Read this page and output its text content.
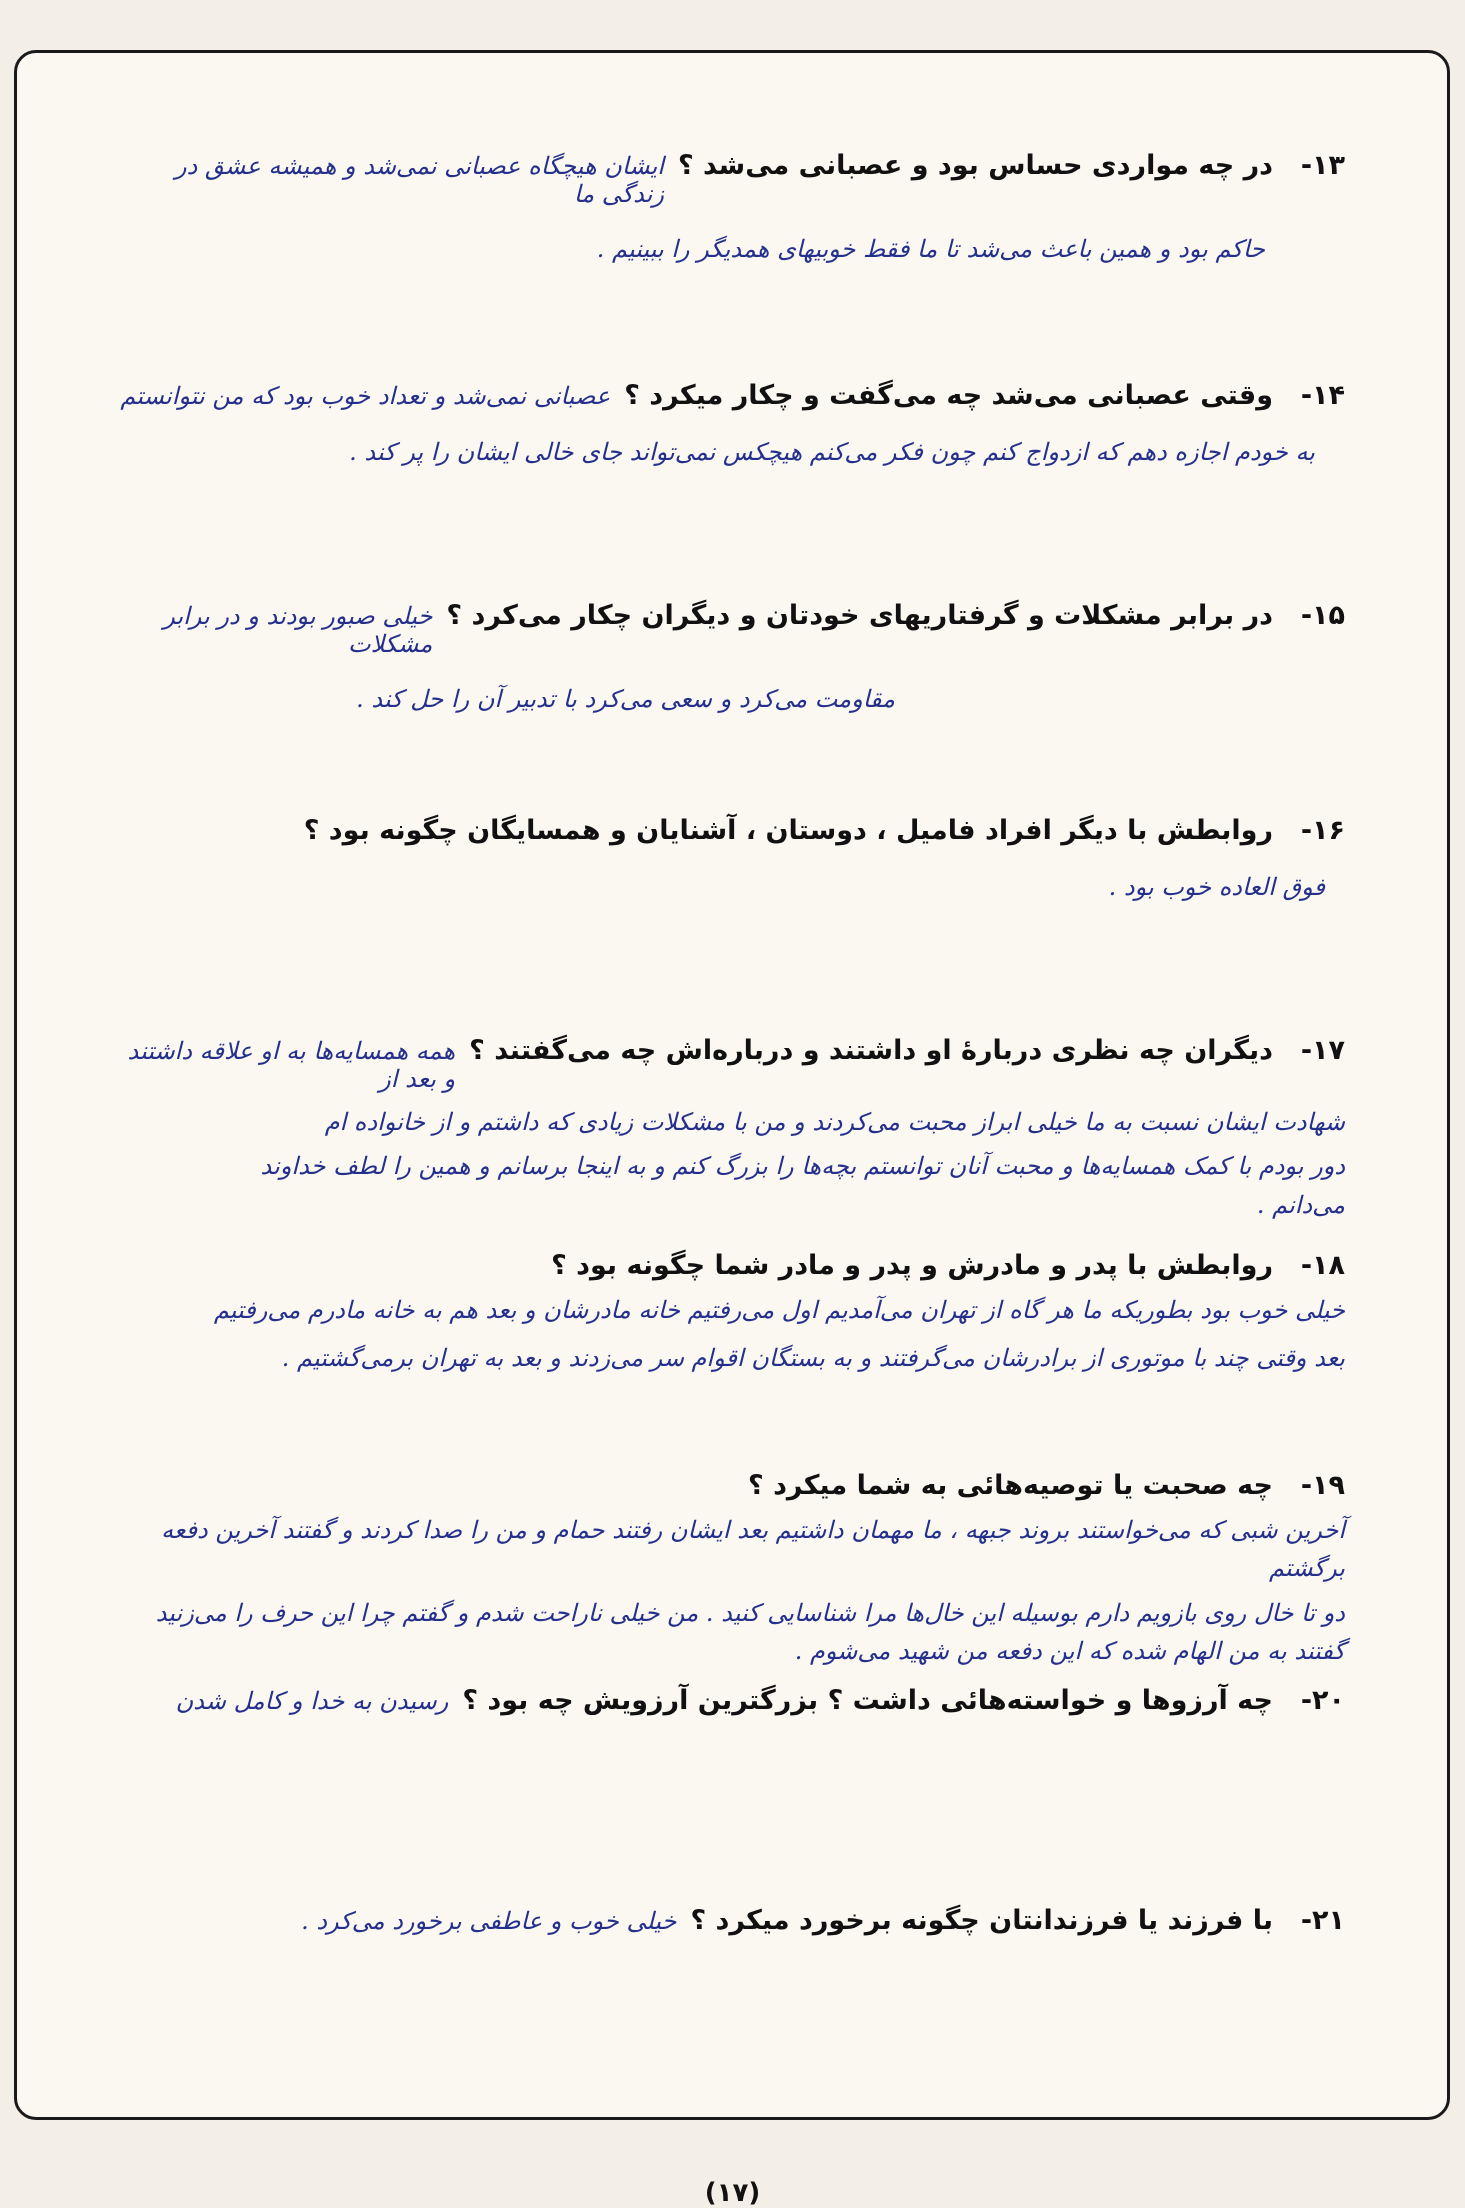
۱۳-
در چه مواردی حساس بود و عصبانی می‌شد ؟
ایشان هیچگاه عصبانی نمی‌شد و همیشه عشق در زندگی ما
حاکم بود و همین باعث می‌شد تا ما فقط خوبیهای همدیگر را ببینیم .
۱۴-
وقتی عصبانی می‌شد چه می‌گفت و چکار میکرد ؟
عصبانی نمی‌شد و تعداد خوب بود که من نتوانستم
به خودم اجازه دهم که ازدواج کنم چون فکر می‌کنم هیچکس نمی‌تواند جای خالی ایشان را پر کند .
۱۵-
در برابر مشکلات و گرفتاریهای خودتان و دیگران چکار می‌کرد ؟
خیلی صبور بودند و در برابر مشکلات
مقاومت می‌کرد و سعی می‌کرد با تدبیر آن را حل کند .
۱۶-
روابطش با دیگر افراد فامیل ، دوستان ، آشنایان و همسایگان چگونه بود ؟
فوق العاده خوب بود .
۱۷-
دیگران چه نظری دربارهٔ او داشتند و درباره‌اش چه می‌گفتند ؟
همه همسایه‌ها به او علاقه داشتند و بعد از
شهادت ایشان نسبت به ما خیلی ابراز محبت می‌کردند و من با مشکلات زیادی که داشتم و از خانواده ام
دور بودم با کمک همسایه‌ها و محبت آنان توانستم بچه‌ها را بزرگ کنم و به اینجا برسانم و همین را لطف خداوند
می‌دانم .
۱۸-
روابطش با پدر و مادرش و پدر و مادر شما چگونه بود ؟
خیلی خوب بود بطوریکه ما هر گاه از تهران می‌آمدیم اول می‌رفتیم خانه مادرشان و بعد هم به خانه مادرم می‌رفتیم
بعد وقتی چند با موتوری از برادرشان می‌گرفتند و به بستگان اقوام سر می‌زدند و بعد به تهران برمی‌گشتیم .
۱۹-
چه صحبت یا توصیه‌هائی به شما میکرد ؟
آخرین شبی که می‌خواستند بروند جبهه ، ما مهمان داشتیم بعد ایشان رفتند حمام و من را صدا کردند و گفتند آخرین دفعه برگشتم
دو تا خال روی بازویم دارم بوسیله این خال‌ها مرا شناسایی کنید . من خیلی ناراحت شدم و گفتم چرا این حرف را می‌زنید
گفتند به من الهام شده که این دفعه من شهید می‌شوم .
۲۰-
چه آرزوها و خواسته‌هائی داشت ؟ بزرگترین آرزویش چه بود ؟
رسیدن به خدا و کامل شدن
۲۱-
با فرزند یا فرزندانتان چگونه برخورد میکرد ؟
خیلی خوب و عاطفی برخورد می‌کرد .
(۱۷)
